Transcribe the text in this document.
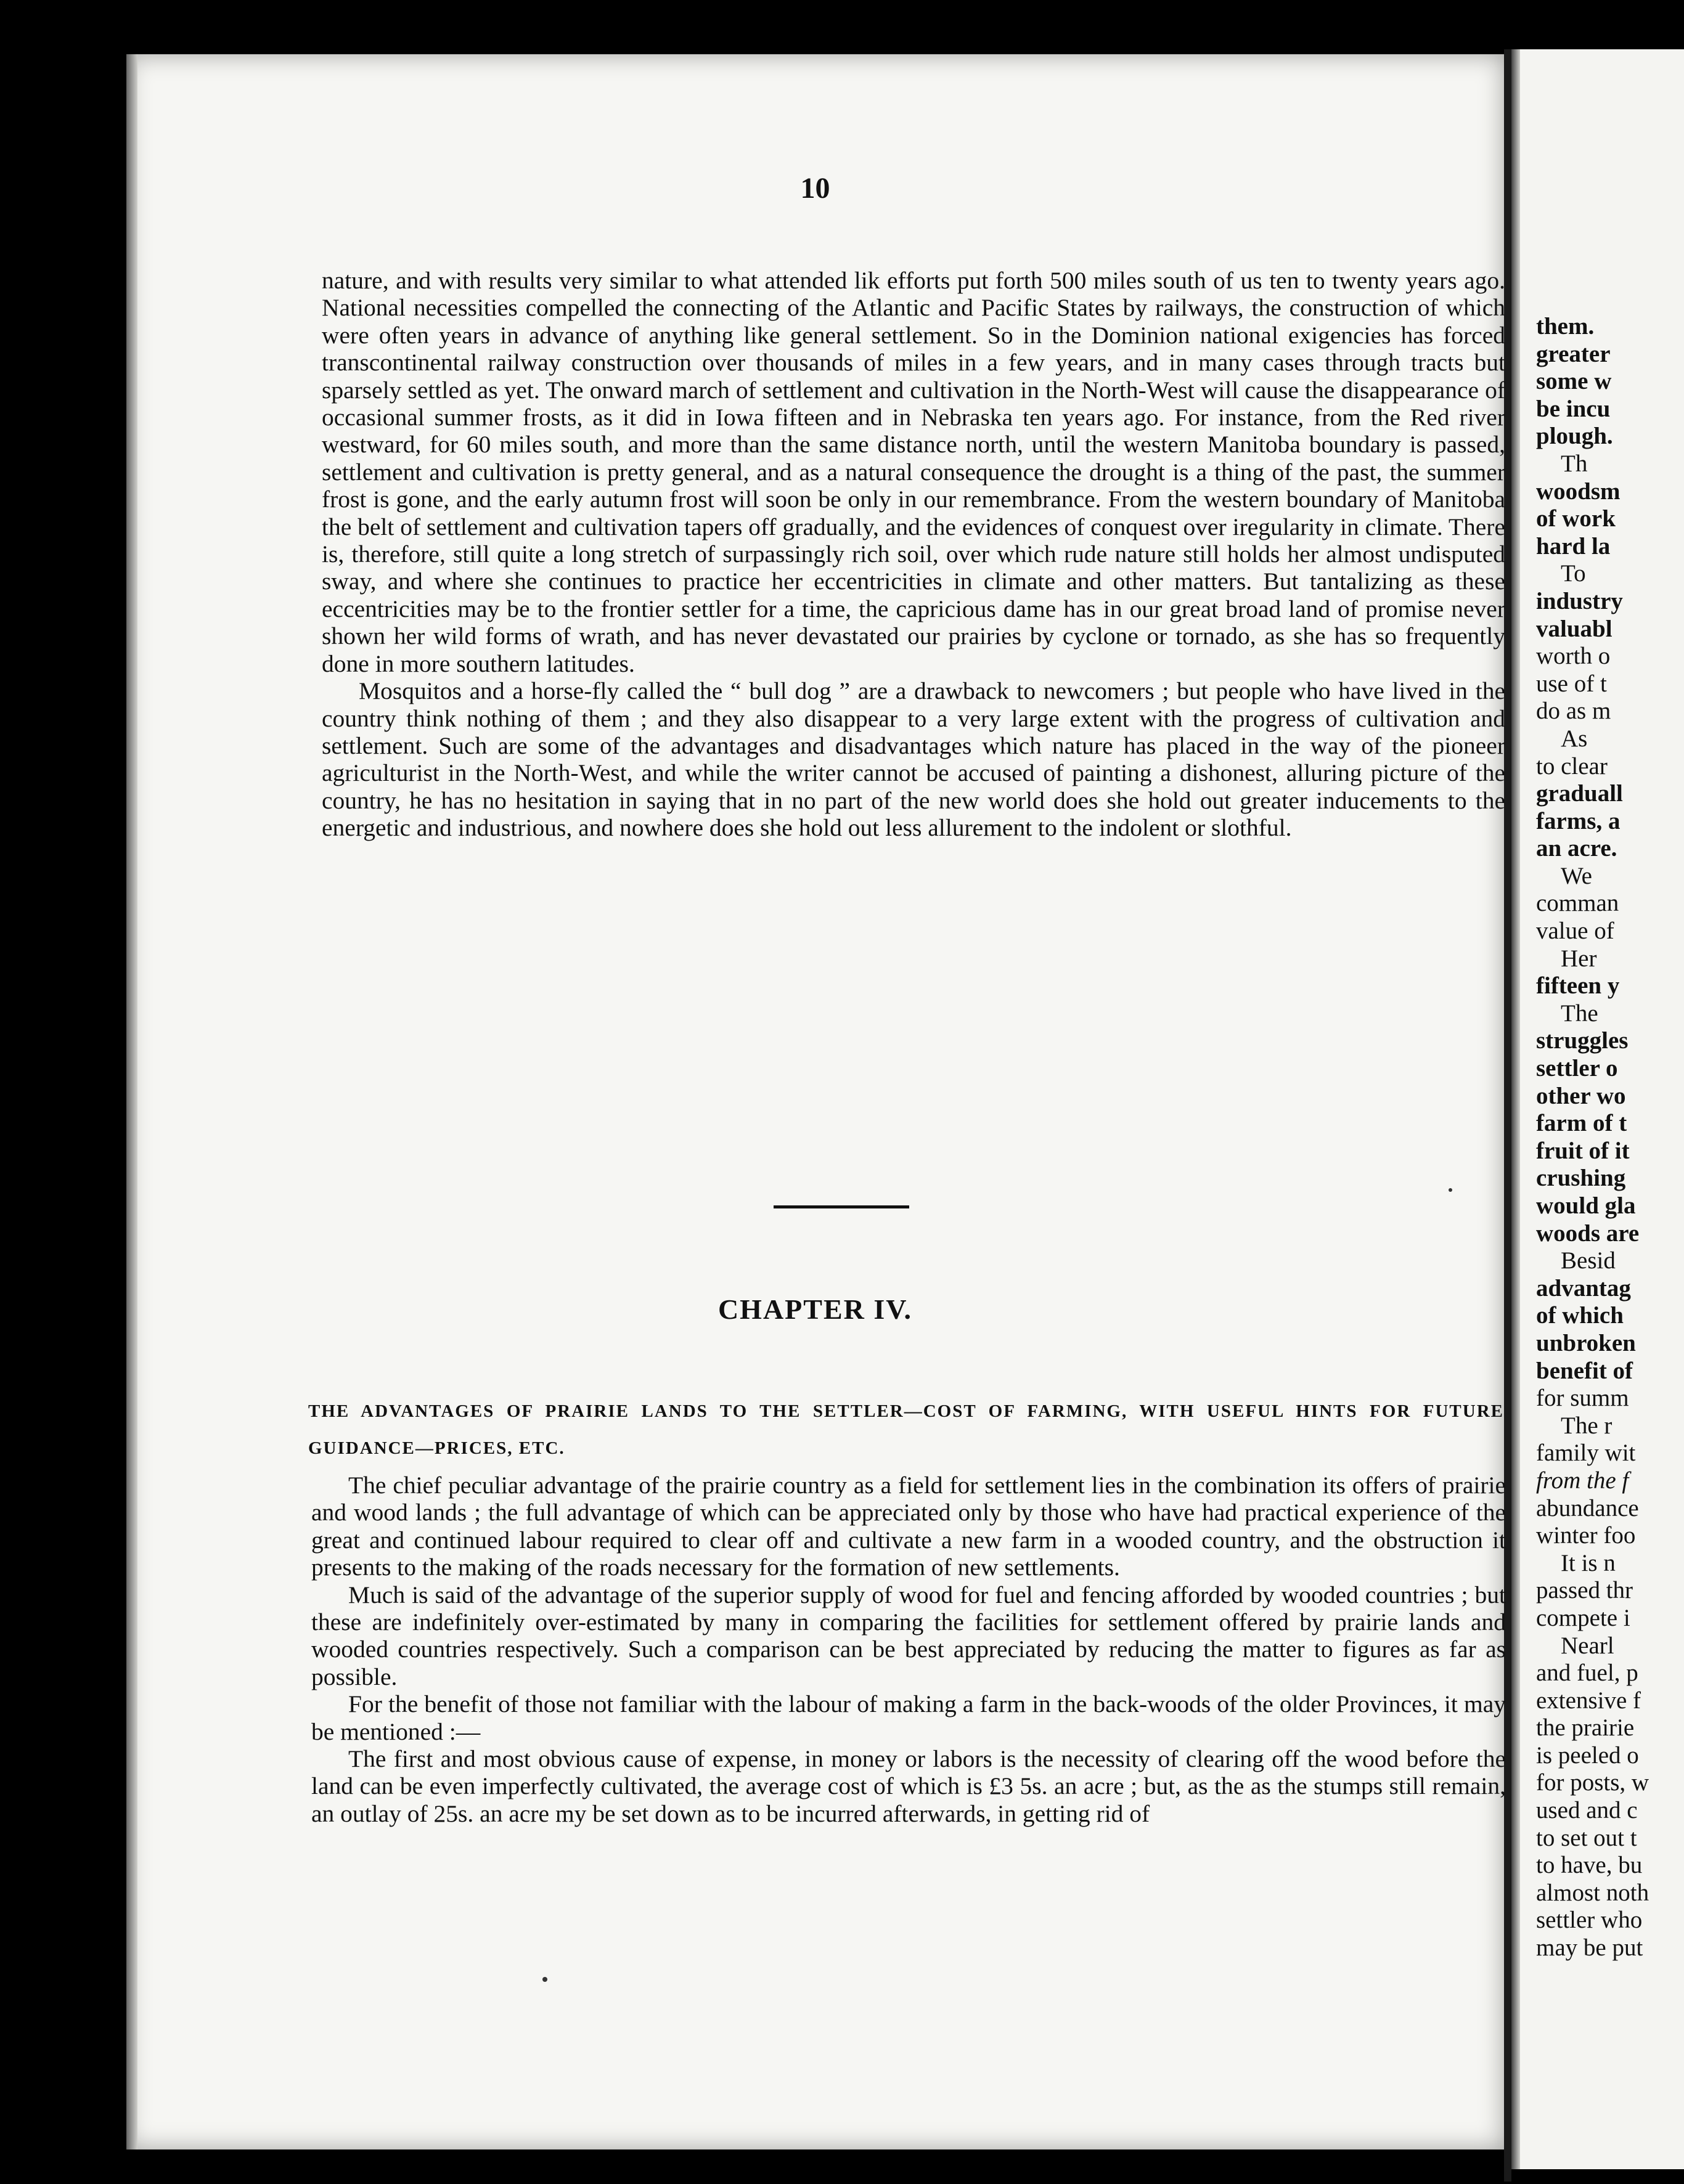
10

nature, and with results very similar to what attended lik efforts put forth 500 miles south of us ten to twenty years ago. National necessities compelled the connecting of the Atlantic and Pacific States by railways, the construction of which were often years in advance of anything like general settlement. So in the Dominion national exigencies has forced transcontinental railway construction over thousands of miles in a few years, and in many cases through tracts but sparsely settled as yet. The onward march of settlement and cultivation in the North-West will cause the disappearance of occasional summer frosts, as it did in Iowa fifteen and in Nebraska ten years ago. For instance, from the Red river westward, for 60 miles south, and more than the same distance north, until the western Manitoba boundary is passed, settlement and cultivation is pretty general, and as a natural consequence the drought is a thing of the past, the summer frost is gone, and the early autumn frost will soon be only in our remembrance. From the western boundary of Manitoba the belt of settlement and cultivation tapers off gradually, and the evidences of conquest over iregularity in climate. There is, therefore, still quite a long stretch of surpassingly rich soil, over which rude nature still holds her almost undisputed sway, and where she continues to practice her eccentricities in climate and other matters. But tantalizing as these eccentricities may be to the frontier settler for a time, the capricious dame has in our great broad land of promise never shown her wild forms of wrath, and has never devastated our prairies by cyclone or tornado, as she has so frequently done in more southern latitudes.

Mosquitos and a horse-fly called the “ bull dog ” are a drawback to newcomers ; but people who have lived in the country think nothing of them ; and they also disappear to a very large extent with the progress of cultivation and settlement. Such are some of the advantages and disadvantages which nature has placed in the way of the pioneer agriculturist in the North-West, and while the writer cannot be accused of painting a dishonest, alluring picture of the country, he has no hesitation in saying that in no part of the new world does she hold out greater inducements to the energetic and industrious, and nowhere does she hold out less allurement to the indolent or slothful.

CHAPTER IV.
THE ADVANTAGES OF PRAIRIE LANDS TO THE SETTLER—COST OF FARMING, WITH USEFUL HINTS FOR FUTURE GUIDANCE—PRICES, ETC.

The chief peculiar advantage of the prairie country as a field for settlement lies in the combination its offers of prairie and wood lands ; the full advantage of which can be appreciated only by those who have had practical experience of the great and continued labour required to clear off and cultivate a new farm in a wooded country, and the obstruction it presents to the making of the roads necessary for the formation of new settlements.

Much is said of the advantage of the superior supply of wood for fuel and fencing afforded by wooded countries ; but these are indefinitely over-estimated by many in comparing the facilities for settlement offered by prairie lands and wooded countries respectively. Such a comparison can be best appreciated by reducing the matter to figures as far as possible.

For the benefit of those not familiar with the labour of making a farm in the back-woods of the older Provinces, it may be mentioned :—

The first and most obvious cause of expense, in money or labors is the necessity of clearing off the wood before the land can be even imperfectly cultivated, the average cost of which is £3 5s. an acre ; but, as the as the stumps still remain, an outlay of 25s. an acre my be set down as to be incurred afterwards, in getting rid of

them.
greater
some w
be incu
plough.
Th
woodsm
of work
hard la
To
industry
valuabl
worth o
use of t
do as m
As
to clear
graduall
farms, a
an acre.
We
comman
value of
Her
fifteen y
The
struggles
settler o
other wo
farm of t
fruit of it
crushing
would gla
woods are
Besid
advantag
of which
unbroken
benefit of
for summ
The r
family wit
from the f
abundance
winter foo
It is n
passed thr
compete i
Nearl
and fuel, p
extensive f
the prairie
is peeled o
for posts, w
used and c
to set out t
to have, bu
almost noth
settler who
may be put
